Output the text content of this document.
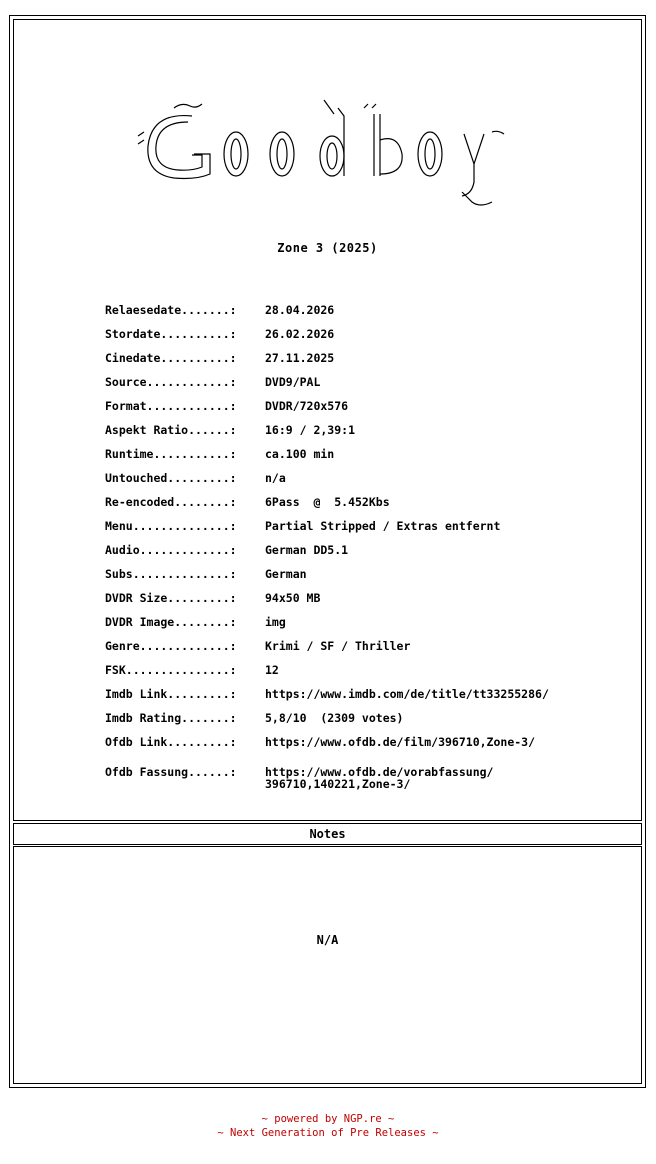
Goodboy
Zone 3 (2025)
Relaesedate.......:	28.04.2026
Stordate..........:	26.02.2026
Cinedate..........:	27.11.2025
Source............:	DVD9/PAL
Format............:	DVDR/720x576
Aspekt Ratio......:	16:9 / 2,39:1
Runtime...........:	ca.100 min
Untouched.........:	n/a
Re-encoded........:	6Pass  @  5.452Kbs
Menu..............:	Partial Stripped / Extras entfernt
Audio.............:	German DD5.1
Subs..............:	German
DVDR Size.........:	94x50 MB
DVDR Image........:	img
Genre.............:	Krimi / SF / Thriller
FSK...............:	12
Imdb Link.........:	https://www.imdb.com/de/title/tt33255286/
Imdb Rating.......:	5,8/10  (2309 votes)
Ofdb Link.........:	https://www.ofdb.de/film/396710,Zone-3/
Ofdb Fassung......:	https://www.ofdb.de/vorabfassung/
396710,140221,Zone-3/
Notes
N/A
~ powered by NGP.re ~
~ Next Generation of Pre Releases ~
